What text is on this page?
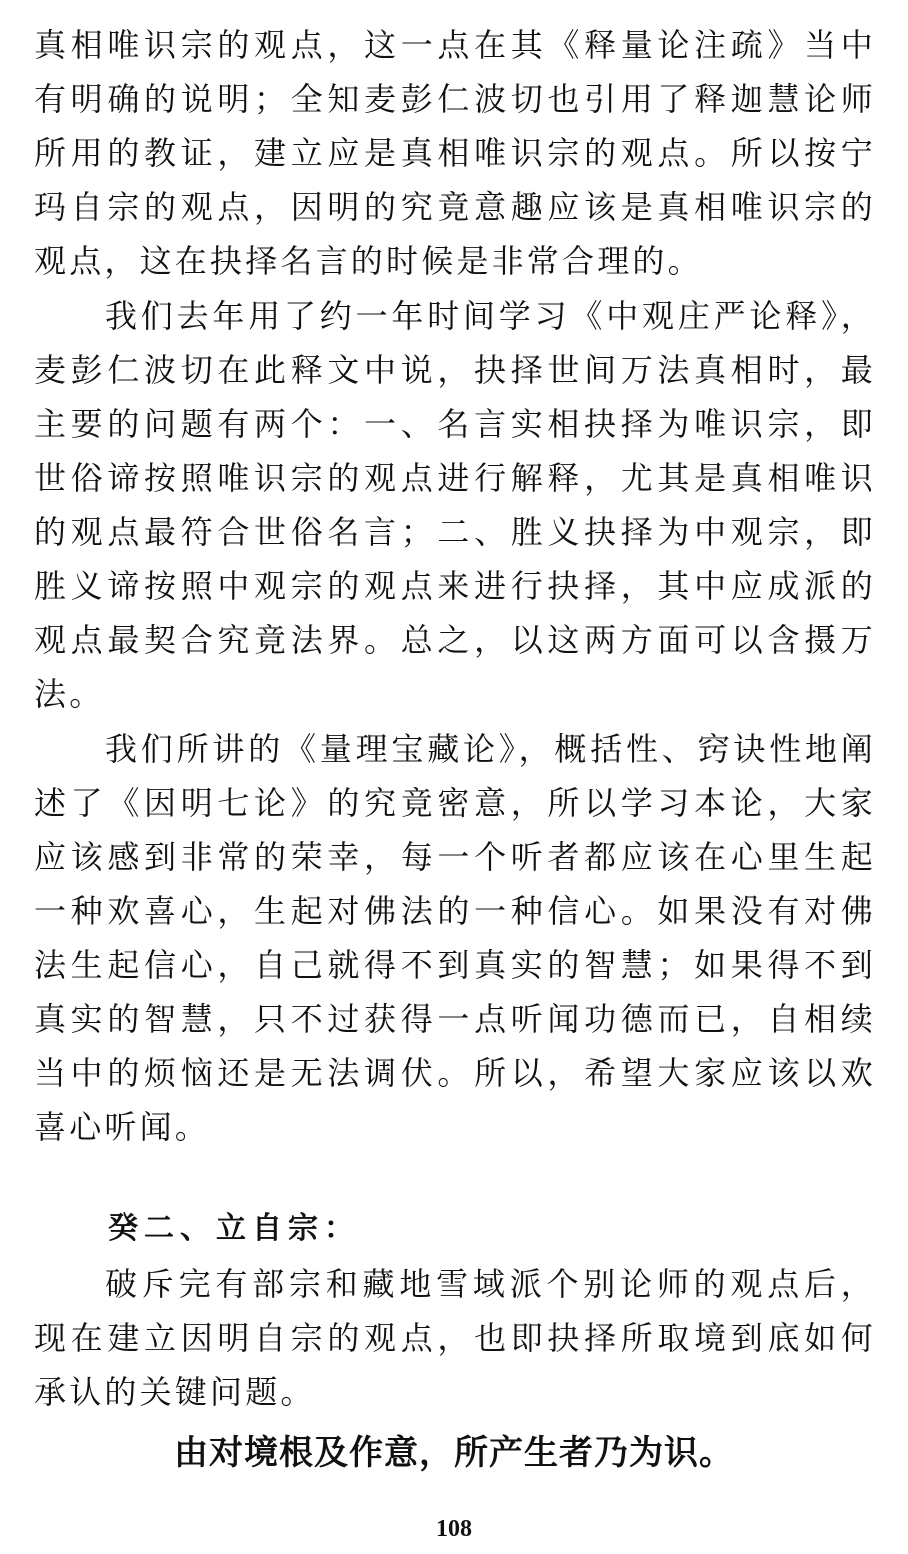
真相唯识宗的观点，这一点在其《释量论注疏》当中有明确的说明；全知麦彭仁波切也引用了释迦慧论师所用的教证，建立应是真相唯识宗的观点。所以按宁玛自宗的观点，因明的究竟意趣应该是真相唯识宗的观点，这在抉择名言的时候是非常合理的。

我们去年用了约一年时间学习《中观庄严论释》，麦彭仁波切在此释文中说，抉择世间万法真相时，最主要的问题有两个：一、名言实相抉择为唯识宗，即世俗谛按照唯识宗的观点进行解释，尤其是真相唯识的观点最符合世俗名言；二、胜义抉择为中观宗，即胜义谛按照中观宗的观点来进行抉择，其中应成派的观点最契合究竟法界。总之，以这两方面可以含摄万法。

我们所讲的《量理宝藏论》，概括性、窍诀性地阐述了《因明七论》的究竟密意，所以学习本论，大家应该感到非常的荣幸，每一个听者都应该在心里生起一种欢喜心，生起对佛法的一种信心。如果没有对佛法生起信心，自己就得不到真实的智慧；如果得不到真实的智慧，只不过获得一点听闻功德而已，自相续当中的烦恼还是无法调伏。所以，希望大家应该以欢喜心听闻。

癸二、立自宗：

破斥完有部宗和藏地雪域派个别论师的观点后，现在建立因明自宗的观点，也即抉择所取境到底如何承认的关键问题。

由对境根及作意，所产生者乃为识。

108
